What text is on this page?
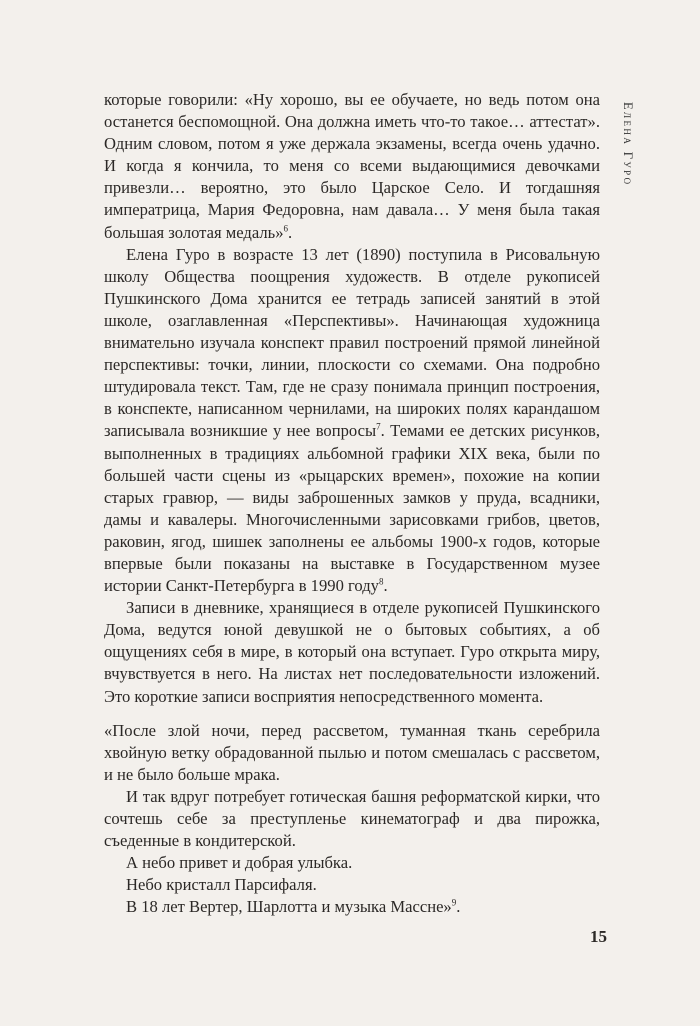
Елена Гуро

которые говорили: «Ну хорошо, вы ее обучаете, но ведь потом она останется беспомощной. Она должна иметь что-то такое… аттестат». Одним словом, потом я уже держала экзамены, всегда очень удачно. И когда я кончила, то меня со всеми выдающимися девочками привезли… вероятно, это было Царское Село. И тогдашняя императрица, Мария Федоровна, нам давала… У меня была такая большая золотая медаль»$^6$.

Елена Гуро в возрасте 13 лет (1890) поступила в Рисовальную школу Общества поощрения художеств. В отделе рукописей Пушкинского Дома хранится ее тетрадь записей занятий в этой школе, озаглавленная «Перспективы». Начинающая художница внимательно изучала конспект правил построений прямой линейной перспективы: точки, линии, плоскости со схемами. Она подробно штудировала текст. Там, где не сразу понимала принцип построения, в конспекте, написанном чернилами, на широких полях карандашом записывала возникшие у нее вопросы$^7$. Темами ее детских рисунков, выполненных в традициях альбомной графики XIX века, были по большей части сцены из «рыцарских времен», похожие на копии старых гравюр, — виды заброшенных замков у пруда, всадники, дамы и кавалеры. Многочисленными зарисовками грибов, цветов, раковин, ягод, шишек заполнены ее альбомы 1900-х годов, которые впервые были показаны на выставке в Государственном музее истории Санкт-Петербурга в 1990 году$^8$.

Записи в дневнике, хранящиеся в отделе рукописей Пушкинского Дома, ведутся юной девушкой не о бытовых событиях, а об ощущениях себя в мире, в который она вступает. Гуро открыта миру, вчувствуется в него. На листах нет последовательности изложений. Это короткие записи восприятия непосредственного момента.

«После злой ночи, перед рассветом, туманная ткань серебрила хвойную ветку обрадованной пылью и потом смешалась с рассветом, и не было больше мрака.

И так вдруг потребует готическая башня реформатской кирки, что сочтешь себе за преступленье кинематограф и два пирожка, съеденные в кондитерской.

А небо привет и добрая улыбка.

Небо кристалл Парсифаля.

В 18 лет Вертер, Шарлотта и музыка Массне»$^9$.

15
